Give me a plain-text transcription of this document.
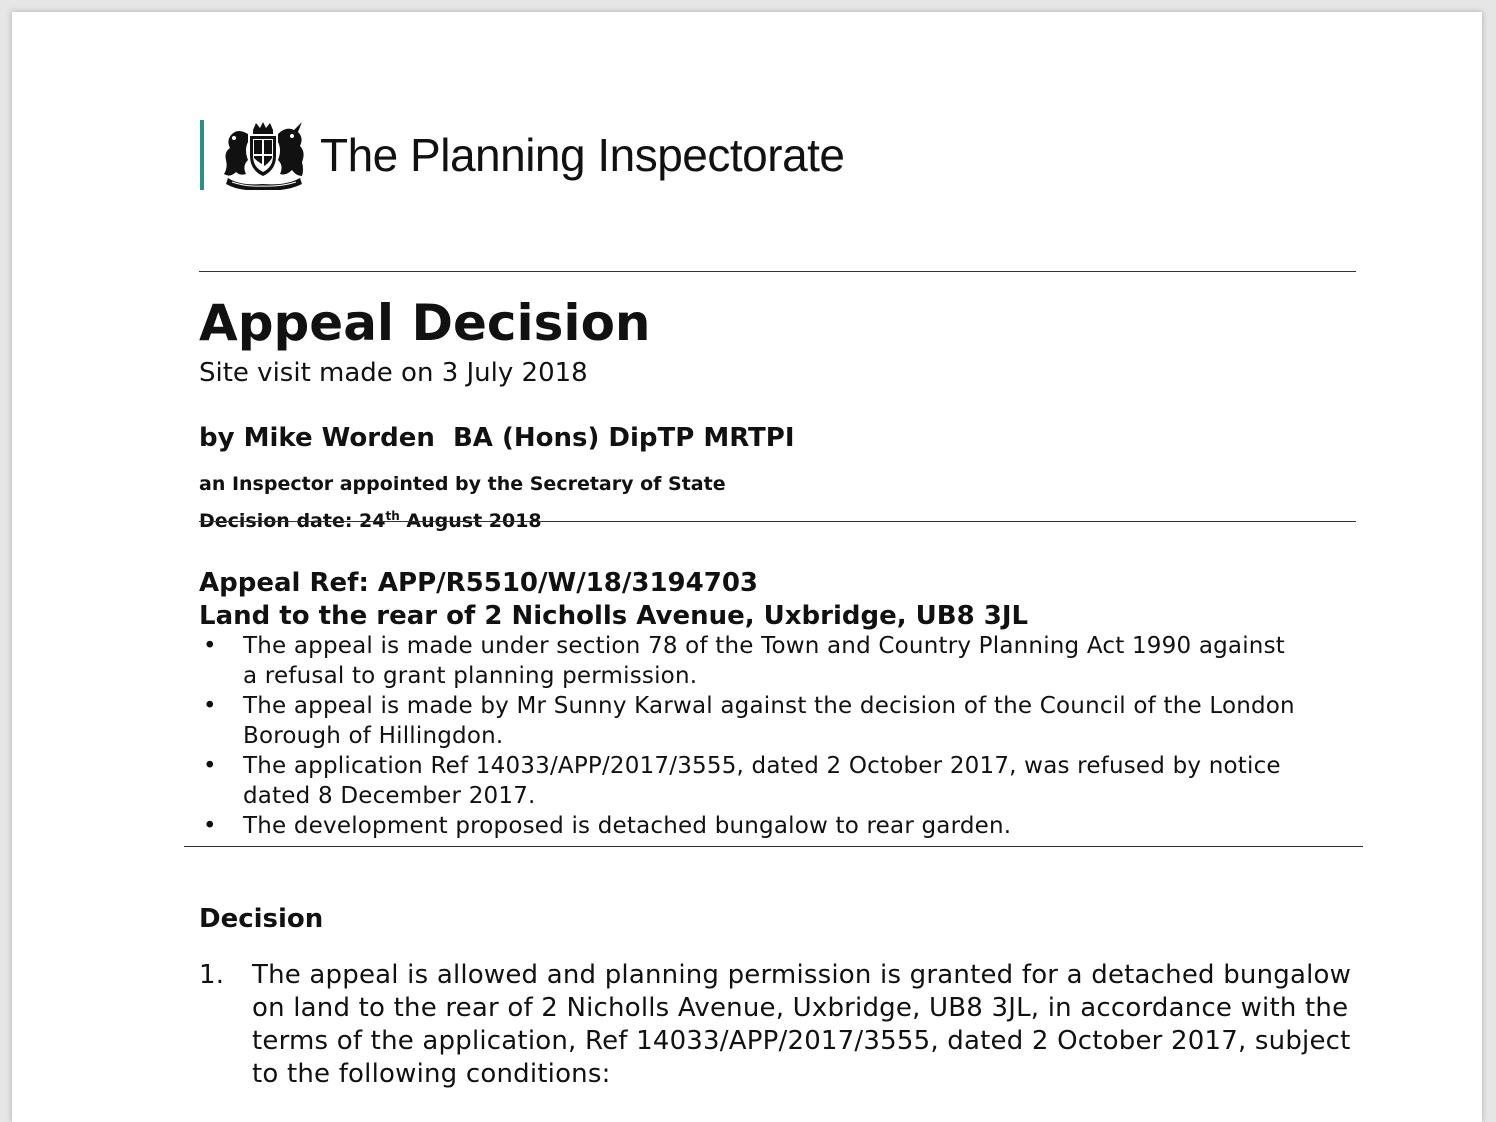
The Planning Inspectorate
Appeal Decision
Site visit made on 3 July 2018
by Mike Worden  BA (Hons) DipTP MRTPI
an Inspector appointed by the Secretary of State
Decision date: 24th August 2018
Appeal Ref: APP/R5510/W/18/3194703
Land to the rear of 2 Nicholls Avenue, Uxbridge, UB8 3JL
• The appeal is made under section 78 of the Town and Country Planning Act 1990 against a refusal to grant planning permission.
• The appeal is made by Mr Sunny Karwal against the decision of the Council of the London Borough of Hillingdon.
• The application Ref 14033/APP/2017/3555, dated 2 October 2017, was refused by notice dated 8 December 2017.
• The development proposed is detached bungalow to rear garden.
Decision
1. The appeal is allowed and planning permission is granted for a detached bungalow on land to the rear of 2 Nicholls Avenue, Uxbridge, UB8 3JL, in accordance with the terms of the application, Ref 14033/APP/2017/3555, dated 2 October 2017, subject to the following conditions:
